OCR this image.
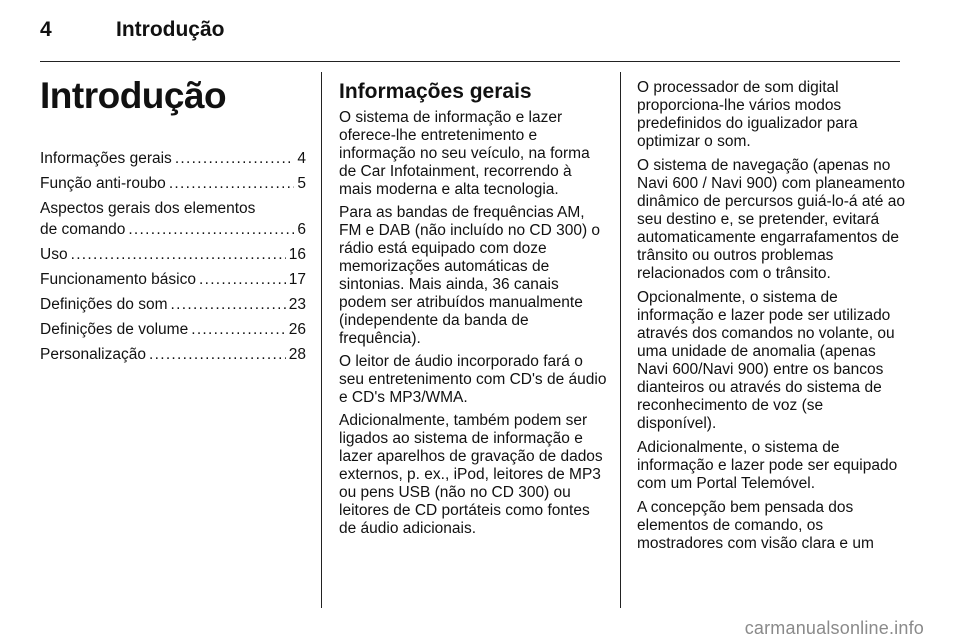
4	Introdução
Introdução
Informações gerais . . .	4
Função anti-roubo . . .	5
Aspectos gerais dos elementos
de comando . . .	6
Uso . . .	16
Funcionamento básico . . .	17
Definições do som . . .	23
Definições de volume . . .	26
Personalização . . .	28
Informações gerais

O sistema de informação e lazer oferece-lhe entretenimento e informação no seu veículo, na forma de Car Infotainment, recorrendo à mais moderna e alta tecnologia.

Para as bandas de frequências AM, FM e DAB (não incluído no CD 300) o rádio está equipado com doze memorizações automáticas de sintonias. Mais ainda, 36 canais podem ser atribuídos manualmente (independente da banda de frequência).

O leitor de áudio incorporado fará o seu entretenimento com CD's de áudio e CD's MP3/WMA.

Adicionalmente, também podem ser ligados ao sistema de informação e lazer aparelhos de gravação de dados externos, p. ex., iPod, leitores de MP3 ou pens USB (não no CD 300) ou leitores de CD portáteis como fontes de áudio adicionais.

O processador de som digital proporciona-lhe vários modos predefinidos do igualizador para optimizar o som.

O sistema de navegação (apenas no Navi 600 / Navi 900) com planeamento dinâmico de percursos guiá-lo-á até ao seu destino e, se pretender, evitará automaticamente engarrafamentos de trânsito ou outros problemas relacionados com o trânsito.

Opcionalmente, o sistema de informação e lazer pode ser utilizado através dos comandos no volante, ou uma unidade de anomalia (apenas Navi 600/Navi 900) entre os bancos dianteiros ou através do sistema de reconhecimento de voz (se disponível).

Adicionalmente, o sistema de informação e lazer pode ser equipado com um Portal Telemóvel.

A concepção bem pensada dos elementos de comando, os mostradores com visão clara e um

carmanualsonline.info
